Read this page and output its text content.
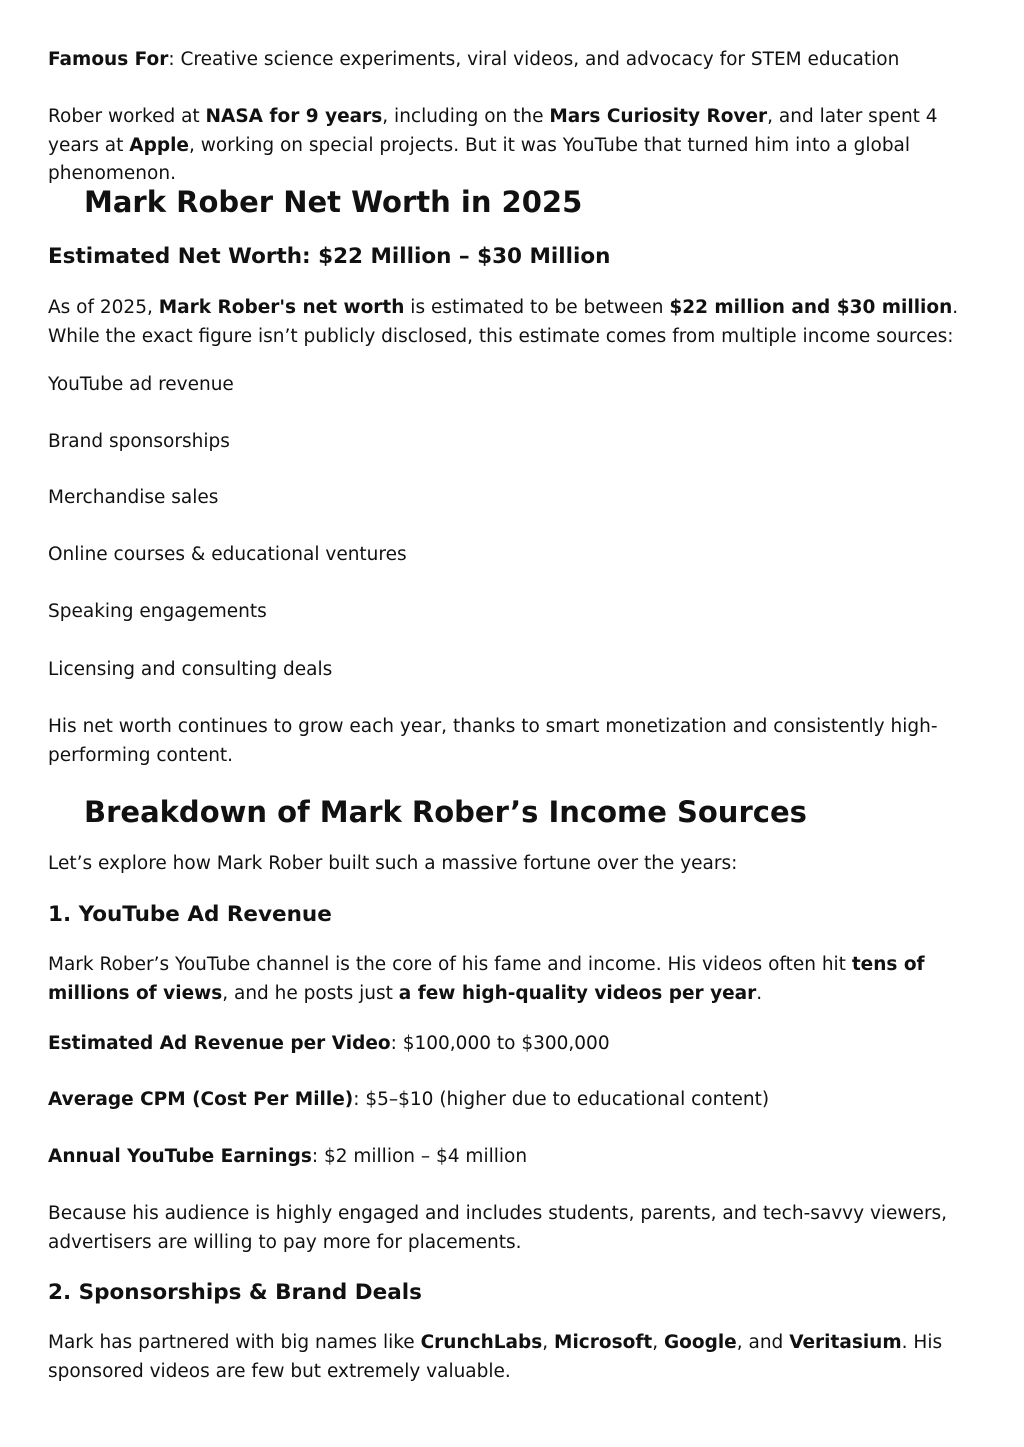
Famous For: Creative science experiments, viral videos, and advocacy for STEM education

Rober worked at NASA for 9 years, including on the Mars Curiosity Rover, and later spent 4 years at Apple, working on special projects. But it was YouTube that turned him into a global phenomenon.

Mark Rober Net Worth in 2025
Estimated Net Worth: $22 Million – $30 Million

As of 2025, Mark Rober's net worth is estimated to be between $22 million and $30 million. While the exact figure isn’t publicly disclosed, this estimate comes from multiple income sources:

YouTube ad revenue

Brand sponsorships

Merchandise sales

Online courses & educational ventures

Speaking engagements

Licensing and consulting deals

His net worth continues to grow each year, thanks to smart monetization and consistently high-performing content.

Breakdown of Mark Rober’s Income Sources

Let’s explore how Mark Rober built such a massive fortune over the years:

1. YouTube Ad Revenue

Mark Rober’s YouTube channel is the core of his fame and income. His videos often hit tens of millions of views, and he posts just a few high-quality videos per year.

Estimated Ad Revenue per Video: $100,000 to $300,000

Average CPM (Cost Per Mille): $5–$10 (higher due to educational content)

Annual YouTube Earnings: $2 million – $4 million

Because his audience is highly engaged and includes students, parents, and tech-savvy viewers, advertisers are willing to pay more for placements.

2. Sponsorships & Brand Deals

Mark has partnered with big names like CrunchLabs, Microsoft, Google, and Veritasium. His sponsored videos are few but extremely valuable.
